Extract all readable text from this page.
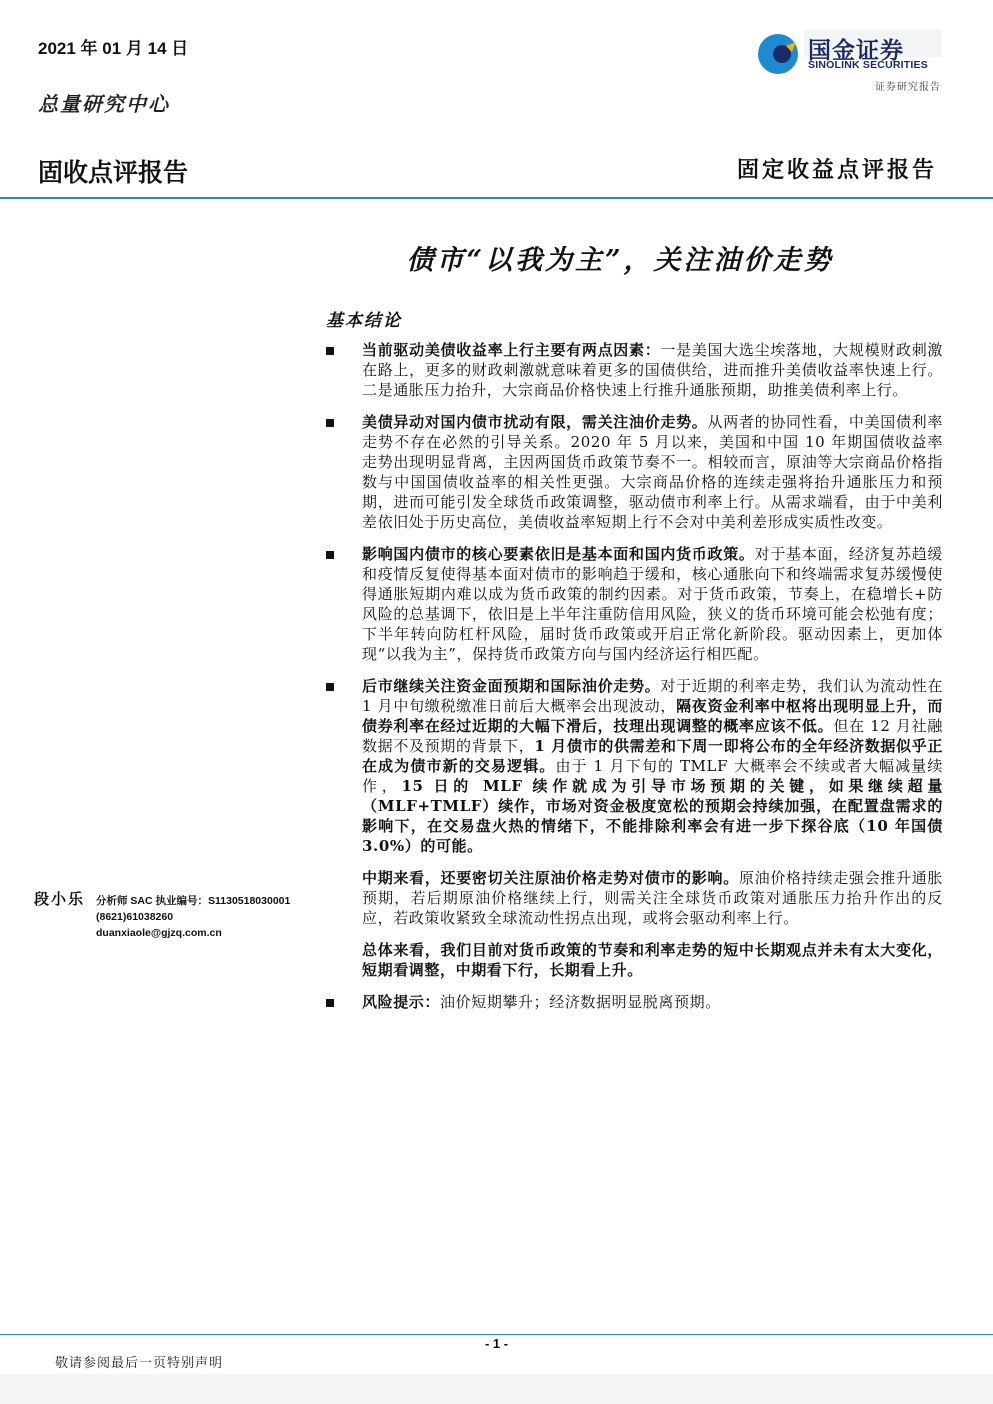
2021 年 01 月 14 日
总量研究中心
固收点评报告	固定收益点评报告
国金证券
SINOLINK SECURITIES
证券研究报告
债市“以我为主”，关注油价走势
基本结论
当前驱动美债收益率上行主要有两点因素：一是美国大选尘埃落地，大规模财政刺激在路上，更多的财政刺激就意味着更多的国债供给，进而推升美债收益率快速上行。二是通胀压力抬升，大宗商品价格快速上行推升通胀预期，助推美债利率上行。
美债异动对国内债市扰动有限，需关注油价走势。从两者的协同性看，中美国债利率走势不存在必然的引导关系。2020 年 5 月以来，美国和中国 10 年期国债收益率走势出现明显背离，主因两国货币政策节奏不一。相较而言，原油等大宗商品价格指数与中国国债收益率的相关性更强。大宗商品价格的连续走强将抬升通胀压力和预期，进而可能引发全球货币政策调整，驱动债市利率上行。从需求端看，由于中美利差依旧处于历史高位，美债收益率短期上行不会对中美利差形成实质性改变。
影响国内债市的核心要素依旧是基本面和国内货币政策。对于基本面，经济复苏趋缓和疫情反复使得基本面对债市的影响趋于缓和，核心通胀向下和终端需求复苏缓慢使得通胀短期内难以成为货币政策的制约因素。对于货币政策，节奏上，在稳增长+防风险的总基调下，依旧是上半年注重防信用风险，狭义的货币环境可能会松弛有度；下半年转向防杠杆风险，届时货币政策或开启正常化新阶段。驱动因素上，更加体现“以我为主”，保持货币政策方向与国内经济运行相匹配。
后市继续关注资金面预期和国际油价走势。对于近期的利率走势，我们认为流动性在 1 月中旬缴税缴准日前后大概率会出现波动，隔夜资金利率中枢将出现明显上升，而债券利率在经过近期的大幅下滑后，技理出现调整的概率应该不低。但在 12 月社融数据不及预期的背景下，1 月债市的供需差和下周一即将公布的全年经济数据似乎正在成为债市新的交易逻辑。由于 1 月下旬的 TMLF 大概率会不续或者大幅减量续作，15 日的 MLF 续作就成为引导市场预期的关键，如果继续超量（MLF+TMLF）续作，市场对资金极度宽松的预期会持续加强，在配置盘需求的影响下，在交易盘火热的情绪下，不能排除利率会有进一步下探谷底（10 年国债 3.0%）的可能。
中期来看，还要密切关注原油价格走势对债市的影响。原油价格持续走强会推升通胀预期，若后期原油价格继续上行，则需关注全球货币政策对通胀压力抬升作出的反应，若政策收紧致全球流动性拐点出现，或将会驱动利率上行。
总体来看，我们目前对货币政策的节奏和利率走势的短中长期观点并未有太大变化，短期看调整，中期看下行，长期看上升。
风险提示：油价短期攀升；经济数据明显脱离预期。
段小乐 分析师 SAC 执业编号：S1130518030001
(8621)61038260
duanxiaole@gjzq.com.cn
- 1 -
敬请参阅最后一页特别声明
